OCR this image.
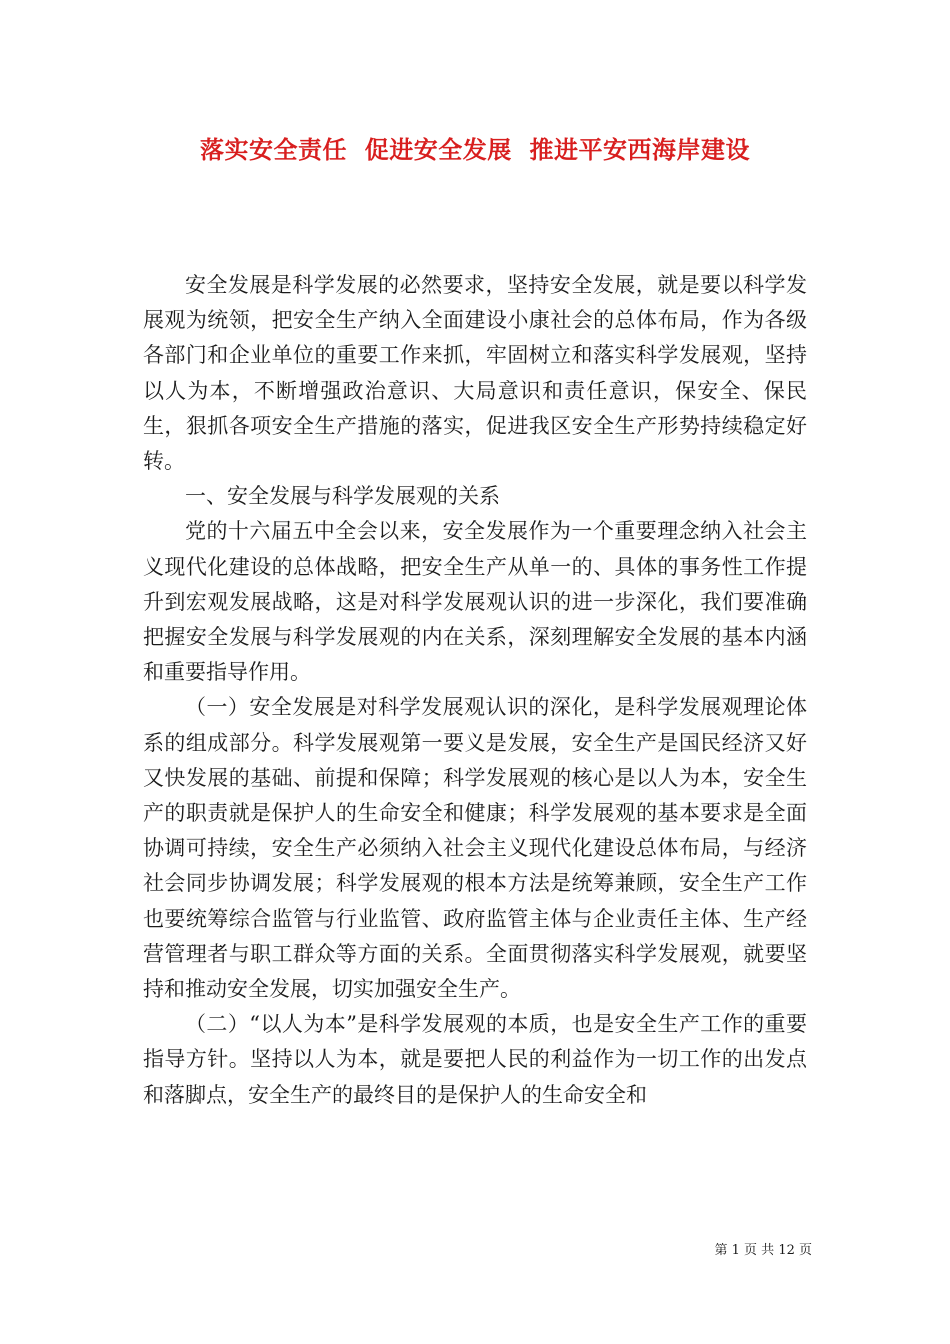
落实安全责任  促进安全发展  推进平安西海岸建设

安全发展是科学发展的必然要求，坚持安全发展，就是要以科学发展观为统领，把安全生产纳入全面建设小康社会的总体布局，作为各级各部门和企业单位的重要工作来抓，牢固树立和落实科学发展观，坚持以人为本，不断增强政治意识、大局意识和责任意识，保安全、保民生，狠抓各项安全生产措施的落实，促进我区安全生产形势持续稳定好转。

一、安全发展与科学发展观的关系

党的十六届五中全会以来，安全发展作为一个重要理念纳入社会主义现代化建设的总体战略，把安全生产从单一的、具体的事务性工作提升到宏观发展战略，这是对科学发展观认识的进一步深化，我们要准确把握安全发展与科学发展观的内在关系，深刻理解安全发展的基本内涵和重要指导作用。

（一）安全发展是对科学发展观认识的深化，是科学发展观理论体系的组成部分。科学发展观第一要义是发展，安全生产是国民经济又好又快发展的基础、前提和保障；科学发展观的核心是以人为本，安全生产的职责就是保护人的生命安全和健康；科学发展观的基本要求是全面协调可持续，安全生产必须纳入社会主义现代化建设总体布局，与经济社会同步协调发展；科学发展观的根本方法是统筹兼顾，安全生产工作也要统筹综合监管与行业监管、政府监管主体与企业责任主体、生产经营管理者与职工群众等方面的关系。全面贯彻落实科学发展观，就要坚持和推动安全发展，切实加强安全生产。

（二）“以人为本”是科学发展观的本质，也是安全生产工作的重要指导方针。坚持以人为本，就是要把人民的利益作为一切工作的出发点和落脚点，安全生产的最终目的是保护人的生命安全和

第 1 页 共 12 页
